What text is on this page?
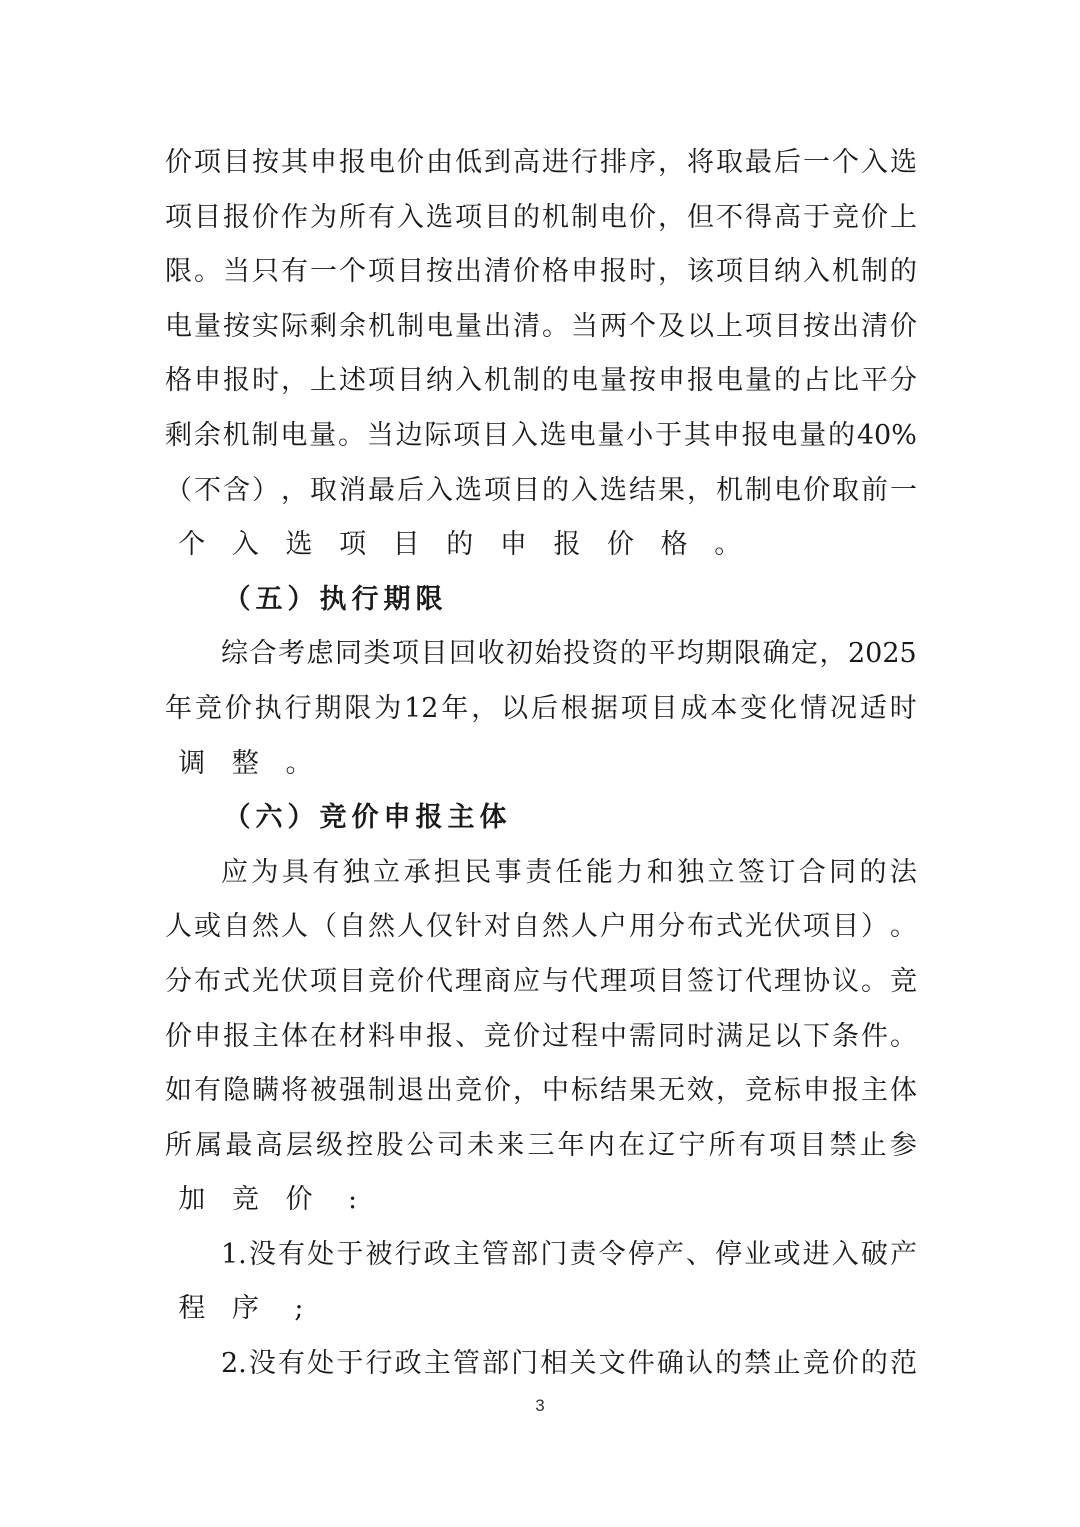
价 项 目 按 其 申 报 电 价 由 低 到 高 进 行 排 序 ， 将 取 最 后 一 个 入 选
项 目 报 价 作 为 所 有 入 选 项 目 的 机 制 电 价 ， 但 不 得 高 于 竞 价 上
限 。 当 只 有 一 个 项 目 按 出 清 价 格 申 报 时 ， 该 项 目 纳 入 机 制 的
电 量 按 实 际 剩 余 机 制 电 量 出 清 。 当 两 个 及 以 上 项 目 按 出 清 价
格 申 报 时 ， 上 述 项 目 纳 入 机 制 的 电 量 按 申 报 电 量 的 占 比 平 分
剩 余 机 制 电 量 。 当 边 际 项 目 入 选 电 量 小 于 其 申 报 电 量 的 40%
（ 不 含 ） ， 取 消 最 后 入 选 项 目 的 入 选 结 果 ， 机 制 电 价 取 前 一
个 入 选 项 目 的 申 报 价 格 。
（ 五 ） 执 行 期 限
综 合 考 虑 同 类 项 目 回 收 初 始 投 资 的 平 均 期 限 确 定 ， 2025
年 竞 价 执 行 期 限 为 12 年 ， 以 后 根 据 项 目 成 本 变 化 情 况 适 时
调 整 。
（ 六 ） 竞 价 申 报 主 体
应 为 具 有 独 立 承 担 民 事 责 任 能 力 和 独 立 签 订 合 同 的 法
人 或 自 然 人 （ 自 然 人 仅 针 对 自 然 人 户 用 分 布 式 光 伏 项 目 ） 。
分 布 式 光 伏 项 目 竞 价 代 理 商 应 与 代 理 项 目 签 订 代 理 协 议 。 竞
价 申 报 主 体 在 材 料 申 报 、 竞 价 过 程 中 需 同 时 满 足 以 下 条 件 。
如 有 隐 瞒 将 被 强 制 退 出 竞 价 ， 中 标 结 果 无 效 ， 竞 标 申 报 主 体
所 属 最 高 层 级 控 股 公 司 未 来 三 年 内 在 辽 宁 所 有 项 目 禁 止 参
加 竞 价	:
1. 没 有 处 于 被 行 政 主 管 部 门 责 令 停 产 、 停 业 或 进 入 破 产
程 序	;
2. 没 有 处 于 行 政 主 管 部 门 相 关 文 件 确 认 的 禁 止 竞 价 的 范
3
